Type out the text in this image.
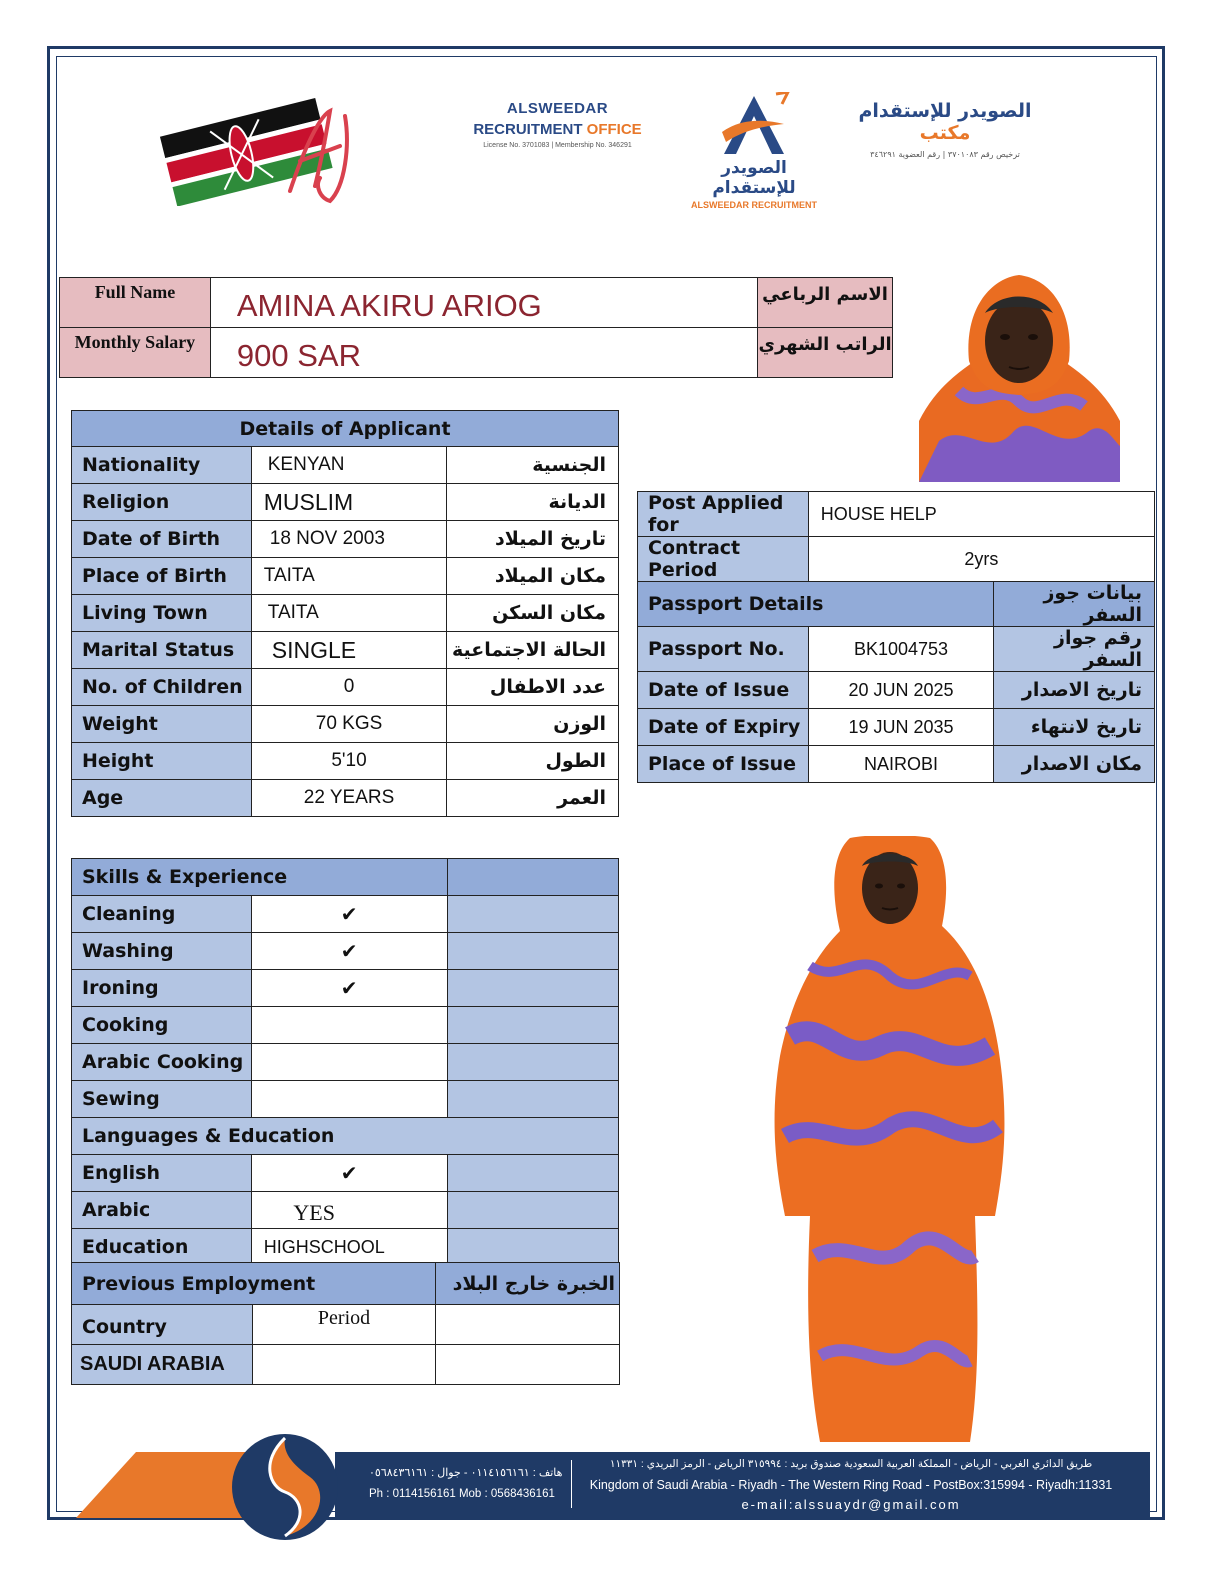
ALSWEEDAR
RECRUITMENT OFFICE
License No. 3701083 | Membership No. 346291
الصويدر للإستقدام
ALSWEEDAR RECRUITMENT
الصويدر للإستقدام مكتب
ترخيص رقم ٣٧٠١٠٨٣ | رقم العضوية ٣٤٦٢٩١
Full Name	AMINA AKIRU ARIOG	الاسم الرباعي
Monthly Salary	900 SAR	الراتب الشهري
Details of Applicant		
Nationality	KENYAN	الجنسية
Religion	MUSLIM	الديانة
Date of Birth	18 NOV 2003	تاريخ الميلاد
Place of Birth	TAITA	مكان الميلاد
Living Town	TAITA	مكان السكن
Marital Status	SINGLE	الحالة الاجتماعية
No. of Children	0	عدد الاطفال
Weight	70 KGS	الوزن
Height	5'10	الطول
Age	22 YEARS	العمر
Post Applied for	HOUSE HELP	
Contract Period	2yrs	
Passport Details		بيانات جوز السفر
Passport No.	BK1004753	رقم جواز السفر
Date of Issue	20 JUN 2025	تاريخ الاصدار
Date of Expiry	19 JUN 2035	تاريخ لانتهاء
Place of Issue	NAIROBI	مكان الاصدار
Skills & Experience		
Cleaning	✔	
Washing	✔	
Ironing	✔	
Cooking		
Arabic Cooking		
Sewing		
Languages & Education		
English	✔	
Arabic	YES	
Education	HIGHSCHOOL	
Previous Employment		الخبرة خارج البلاد
Country	Period	
SAUDI ARABIA		
هاتف : ٠١١٤١٥٦١٦١ - جوال : ٠٥٦٨٤٣٦١٦١
Ph : 0114156161 Mob : 0568436161
طريق الدائري الغربي - الرياض - المملكة العربية السعودية صندوق بريد : ٣١٥٩٩٤ الرياض - الرمز البريدي : ١١٣٣١
Kingdom of Saudi Arabia - Riyadh - The Western Ring Road - PostBox:315994 - Riyadh:11331
e-mail:alssuaydr@gmail.com
